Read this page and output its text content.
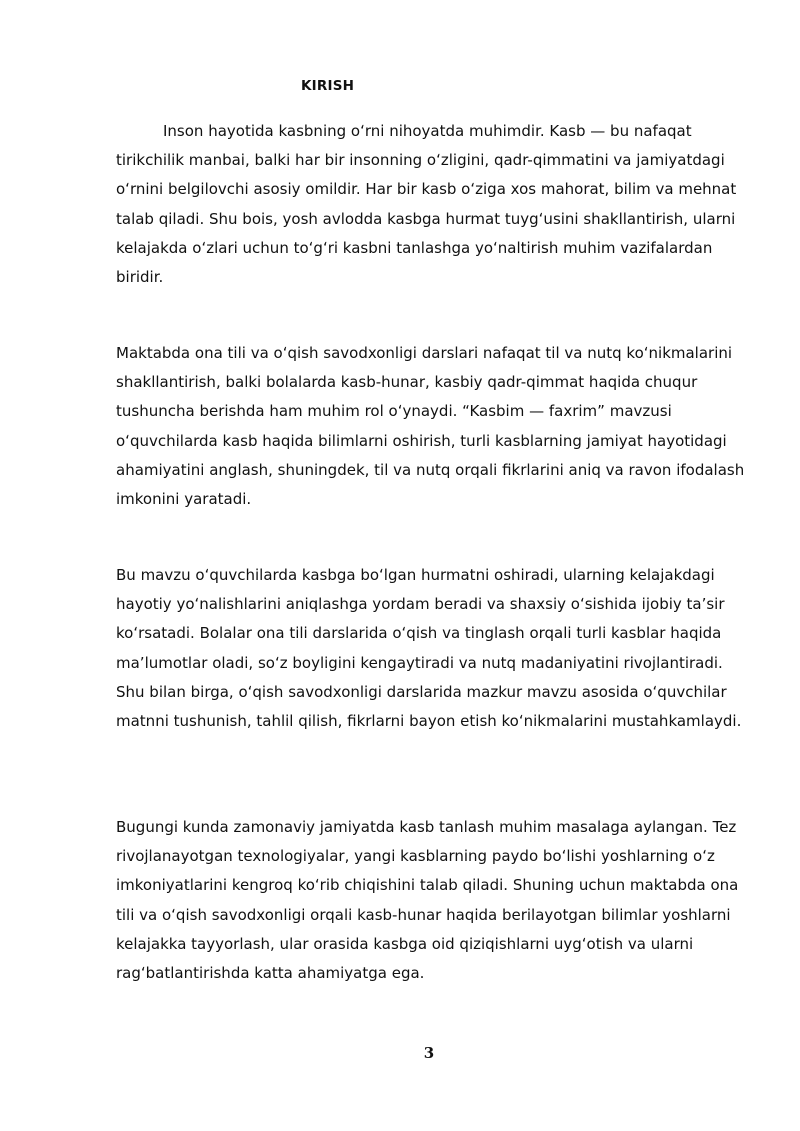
KIRISH

Inson hayotida kasbning oʻrni nihoyatda muhimdir. Kasb — bu nafaqat tirikchilik manbai, balki har bir insonning oʻzligini, qadr-qimmatini va jamiyatdagi oʻrnini belgilovchi asosiy omildir. Har bir kasb oʻziga xos mahorat, bilim va mehnat talab qiladi. Shu bois, yosh avlodda kasbga hurmat tuygʻusini shakllantirish, ularni kelajakda oʻzlari uchun toʻgʻri kasbni tanlashga yoʻnaltirish muhim vazifalardan biridir.

Maktabda ona tili va oʻqish savodxonligi darslari nafaqat til va nutq koʻnikmalarini shakllantirish, balki bolalarda kasb-hunar, kasbiy qadr-qimmat haqida chuqur tushuncha berishda ham muhim rol oʻynaydi. “Kasbim — faxrim” mavzusi oʻquvchilarda kasb haqida bilimlarni oshirish, turli kasblarning jamiyat hayotidagi ahamiyatini anglash, shuningdek, til va nutq orqali fikrlarini aniq va ravon ifodalash imkonini yaratadi.

Bu mavzu oʻquvchilarda kasbga boʻlgan hurmatni oshiradi, ularning kelajakdagi hayotiy yoʻnalishlarini aniqlashga yordam beradi va shaxsiy oʻsishida ijobiy taʼsir koʻrsatadi. Bolalar ona tili darslarida oʻqish va tinglash orqali turli kasblar haqida maʼlumotlar oladi, soʻz boyligini kengaytiradi va nutq madaniyatini rivojlantiradi. Shu bilan birga, oʻqish savodxonligi darslarida mazkur mavzu asosida oʻquvchilar matnni tushunish, tahlil qilish, fikrlarni bayon etish koʻnikmalarini mustahkamlaydi.

Bugungi kunda zamonaviy jamiyatda kasb tanlash muhim masalaga aylangan. Tez rivojlanayotgan texnologiyalar, yangi kasblarning paydo boʻlishi yoshlarning oʻz imkoniyatlarini kengroq koʻrib chiqishini talab qiladi. Shuning uchun maktabda ona tili va oʻqish savodxonligi orqali kasb-hunar haqida berilayotgan bilimlar yoshlarni kelajakka tayyorlash, ular orasida kasbga oid qiziqishlarni uygʻotish va ularni ragʻbatlantirishda katta ahamiyatga ega.

3
